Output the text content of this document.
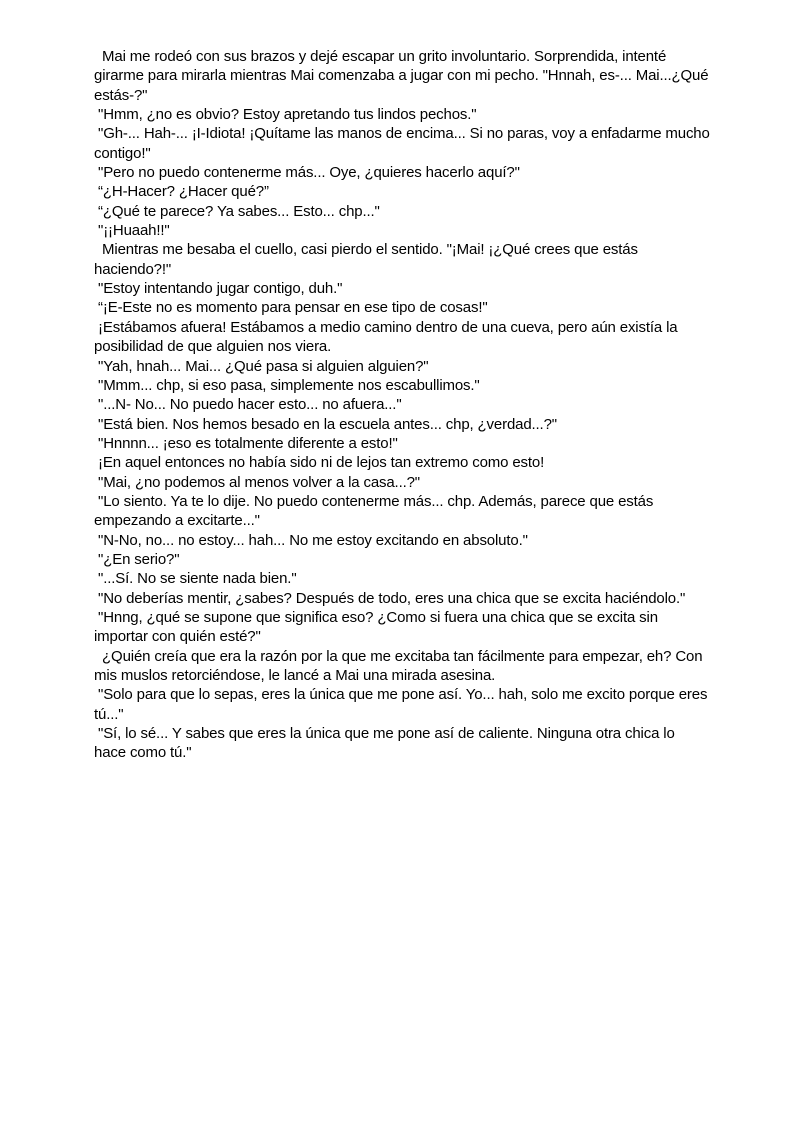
Mai me rodeó con sus brazos y dejé escapar un grito involuntario. Sorprendida, intenté girarme para mirarla mientras Mai comenzaba a jugar con mi pecho. "Hnnah, es-... Mai...¿Qué estás-?"

"Hmm, ¿no es obvio? Estoy apretando tus lindos pechos."

"Gh-... Hah-... ¡I-Idiota! ¡Quítame las manos de encima... Si no paras, voy a enfadarme mucho contigo!"

"Pero no puedo contenerme más... Oye, ¿quieres hacerlo aquí?"

“¿H-Hacer? ¿Hacer qué?”

“¿Qué te parece? Ya sabes... Esto... chp..."

"¡¡Huaah!!"

Mientras me besaba el cuello, casi pierdo el sentido. "¡Mai! ¡¿Qué crees que estás haciendo?!"

"Estoy intentando jugar contigo, duh."

“¡E-Este no es momento para pensar en ese tipo de cosas!"

¡Estábamos afuera! Estábamos a medio camino dentro de una cueva, pero aún existía la posibilidad de que alguien nos viera.

"Yah, hnah... Mai... ¿Qué pasa si alguien alguien?"

"Mmm... chp, si eso pasa, simplemente nos escabullimos."

"...N- No... No puedo hacer esto... no afuera..."

"Está bien. Nos hemos besado en la escuela antes... chp, ¿verdad...?"

"Hnnnn... ¡eso es totalmente diferente a esto!"

¡En aquel entonces no había sido ni de lejos tan extremo como esto!

"Mai, ¿no podemos al menos volver a la casa...?"

"Lo siento. Ya te lo dije. No puedo contenerme más... chp. Además, parece que estás empezando a excitarte..."

"N-No, no... no estoy... hah... No me estoy excitando en absoluto."

"¿En serio?"

"...Sí. No se siente nada bien."

"No deberías mentir, ¿sabes? Después de todo, eres una chica que se excita haciéndolo."

"Hnng, ¿qué se supone que significa eso? ¿Como si fuera una chica que se excita sin importar con quién esté?"

¿Quién creía que era la razón por la que me excitaba tan fácilmente para empezar, eh? Con mis muslos retorciéndose, le lancé a Mai una mirada asesina.

"Solo para que lo sepas, eres la única que me pone así. Yo... hah, solo me excito porque eres tú..."

"Sí, lo sé... Y sabes que eres la única que me pone así de caliente. Ninguna otra chica lo hace como tú."
